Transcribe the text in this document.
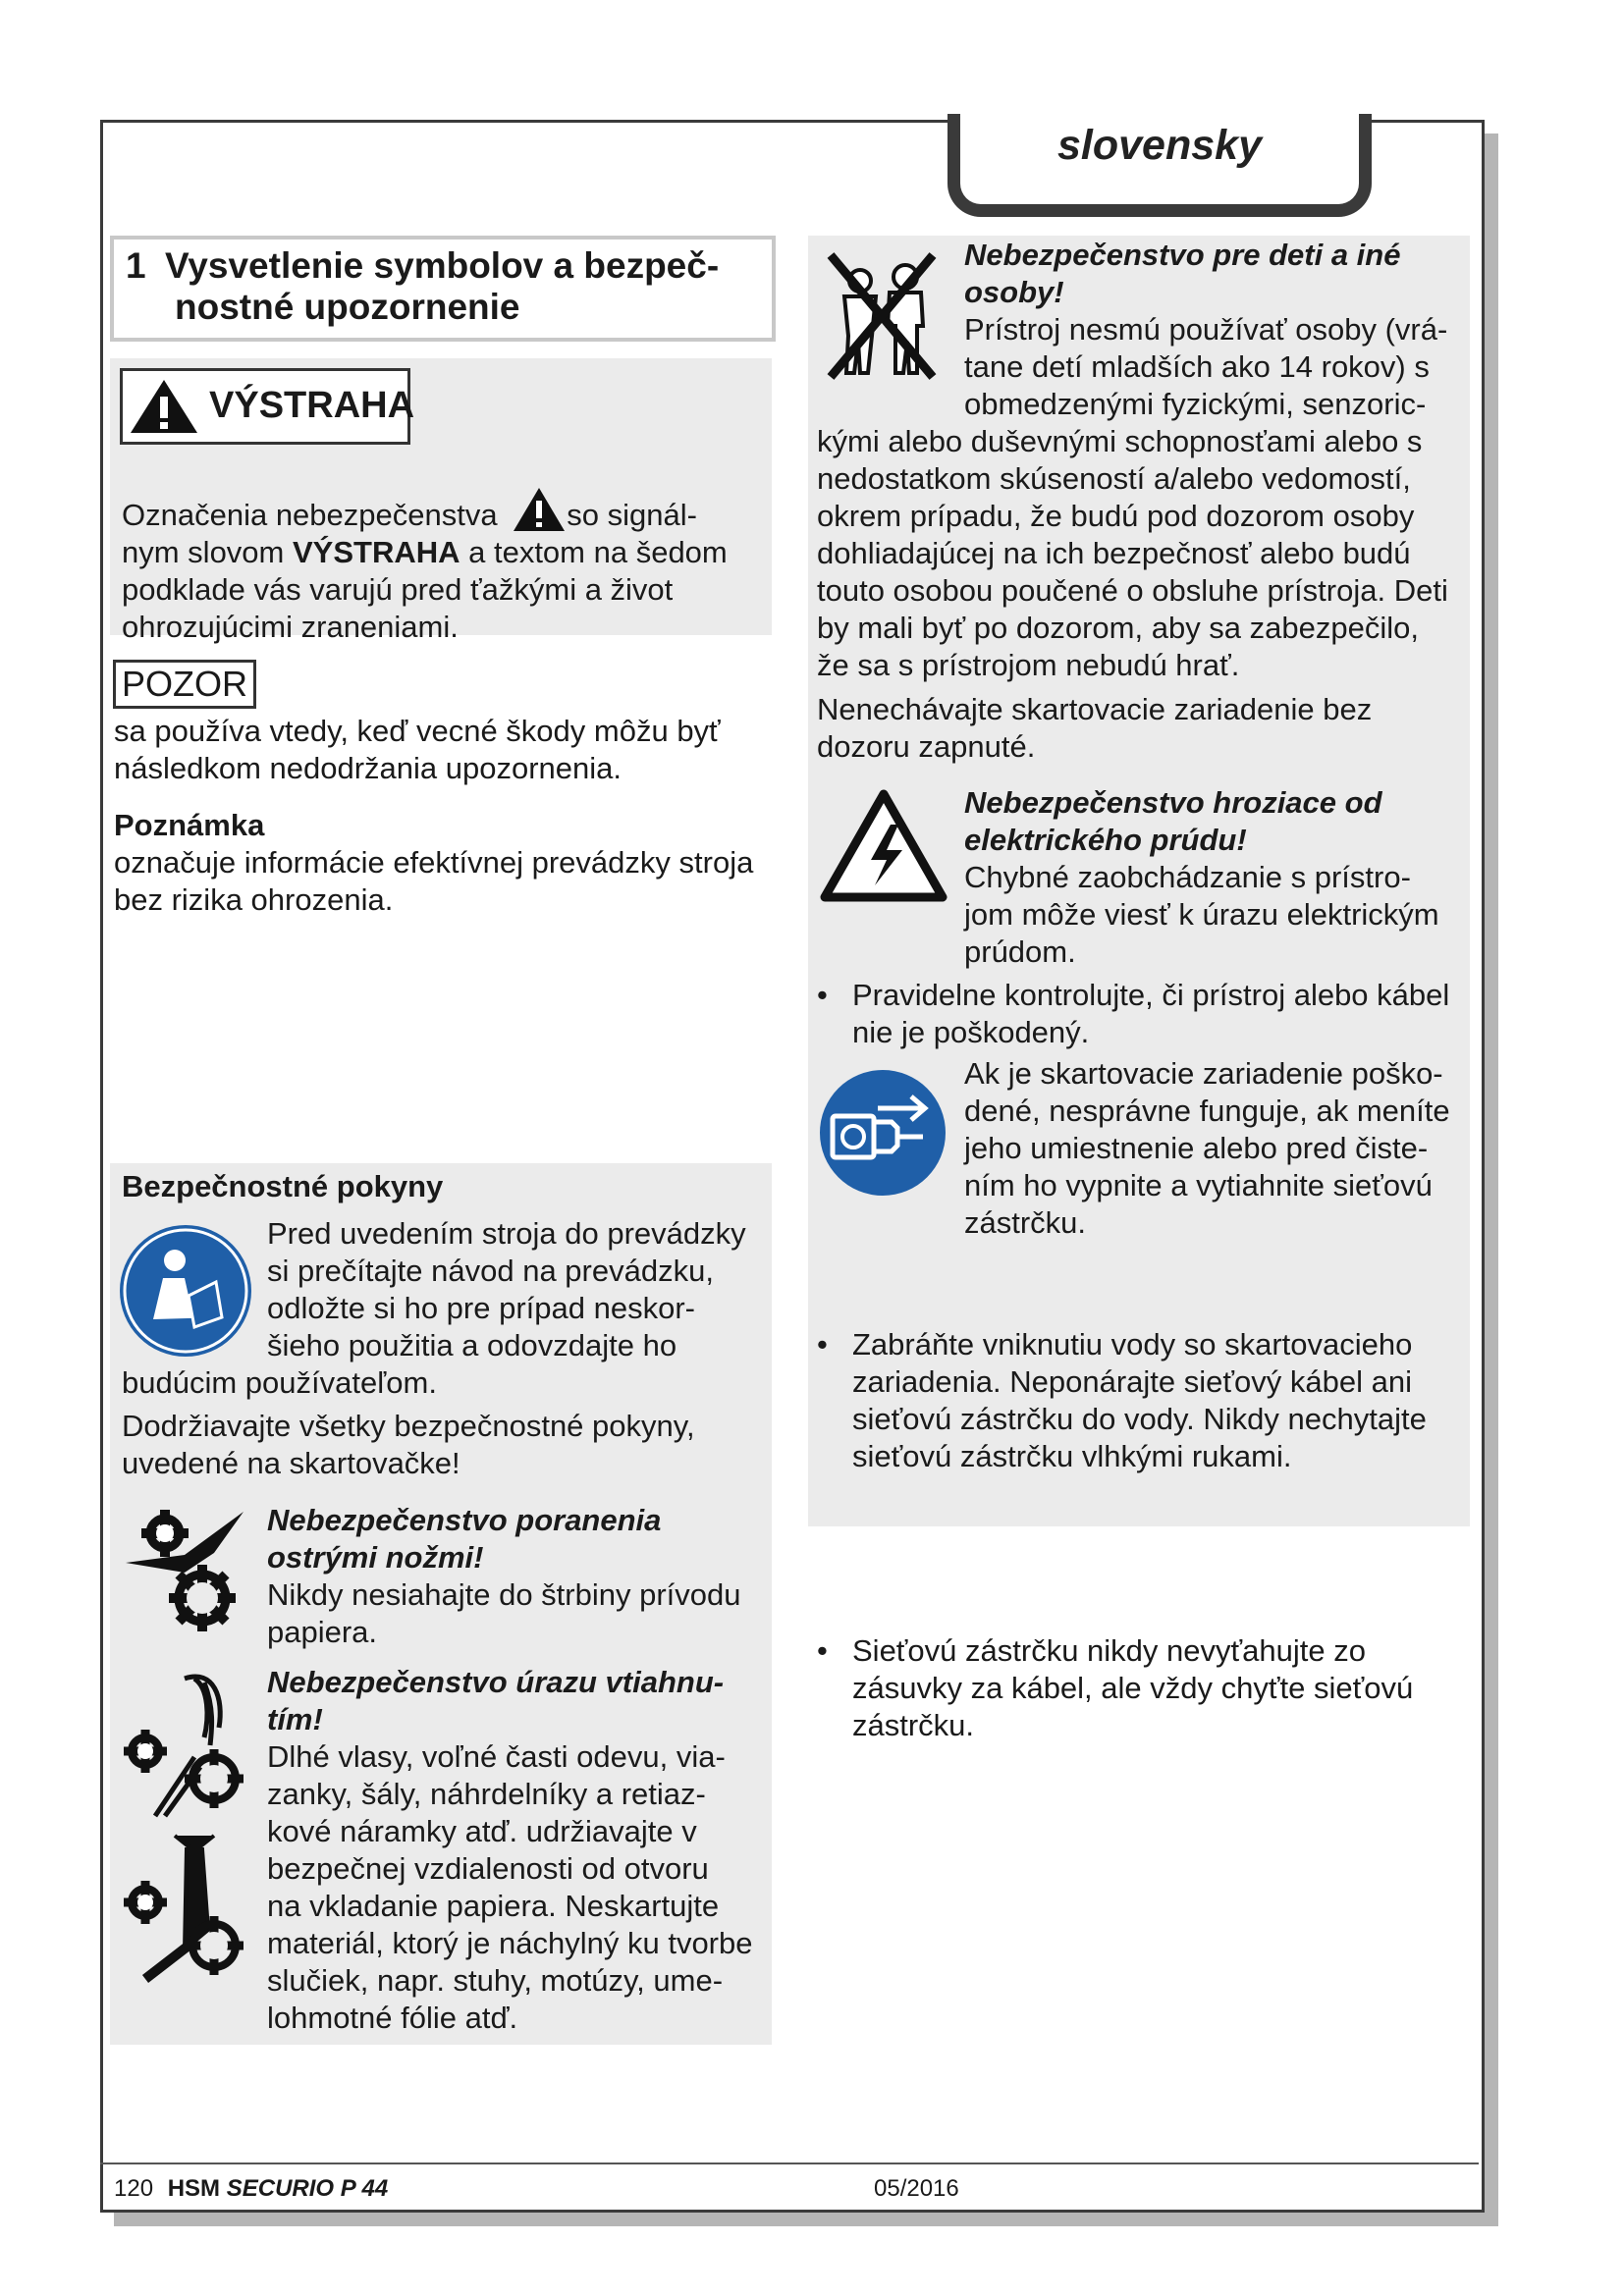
slovensky
1 Vysvetlenie symbolov a bezpeč-
nostné upozornenie
VÝSTRAHA
Označenia nebezpečenstva so signál-
nym slovom VÝSTRAHA a textom na šedom
podklade vás varujú pred ťažkými a život
ohrozujúcimi zraneniami.
POZOR
sa používa vtedy, keď vecné škody môžu byť
následkom nedodržania upozornenia.
Poznámka
označuje informácie efektívnej prevádzky stroja
bez rizika ohrozenia.
Bezpečnostné pokyny
Pred uvedením stroja do prevádzky
si prečítajte návod na prevádzku,
odložte si ho pre prípad neskor-
šieho použitia a odovzdajte ho
budúcim používateľom.
Dodržiavajte všetky bezpečnostné pokyny,
uvedené na skartovačke!
Nebezpečenstvo poranenia
ostrými nožmi!
Nikdy nesiahajte do štrbiny prívodu
papiera.
Nebezpečenstvo úrazu vtiahnu-
tím!
Dlhé vlasy, voľné časti odevu, via-
zanky, šály, náhrdelníky a retiaz-
kové náramky atď. udržiavajte v
bezpečnej vzdialenosti od otvoru
na vkladanie papiera. Neskartujte
materiál, ktorý je náchylný ku tvorbe
slučiek, napr. stuhy, motúzy, ume-
lohmotné fólie atď.
Nebezpečenstvo pre deti a iné
osoby!
Prístroj nesmú používať osoby (vrá-
tane detí mladších ako 14 rokov) s
obmedzenými fyzickými, senzoric-
kými alebo duševnými schopnosťami alebo s
nedostatkom skúseností a/alebo vedomostí,
okrem prípadu, že budú pod dozorom osoby
dohliadajúcej na ich bezpečnosť alebo budú
touto osobou poučené o obsluhe prístroja. Deti
by mali byť po dozorom, aby sa zabezpečilo,
že sa s prístrojom nebudú hrať.
Nenechávajte skartovacie zariadenie bez
dozoru zapnuté.
Nebezpečenstvo hroziace od
elektrického prúdu!
Chybné zaobchádzanie s prístro-
jom môže viesť k úrazu elektrickým
prúdom.
• Pravidelne kontrolujte, či prístroj alebo kábel
nie je poškodený.
Ak je skartovacie zariadenie poško-
dené, nesprávne funguje, ak meníte
jeho umiestnenie alebo pred čiste-
ním ho vypnite a vytiahnite sieťovú
zástrčku.
• Zabráňte vniknutiu vody so skartovacieho
zariadenia. Neponárajte sieťový kábel ani
sieťovú zástrčku do vody. Nikdy nechytajte
sieťovú zástrčku vlhkými rukami.
• Sieťovú zástrčku nikdy nevyťahujte zo
zásuvky za kábel, ale vždy chyťte sieťovú
zástrčku.
120 HSM SECURIO P 44	05/2016
